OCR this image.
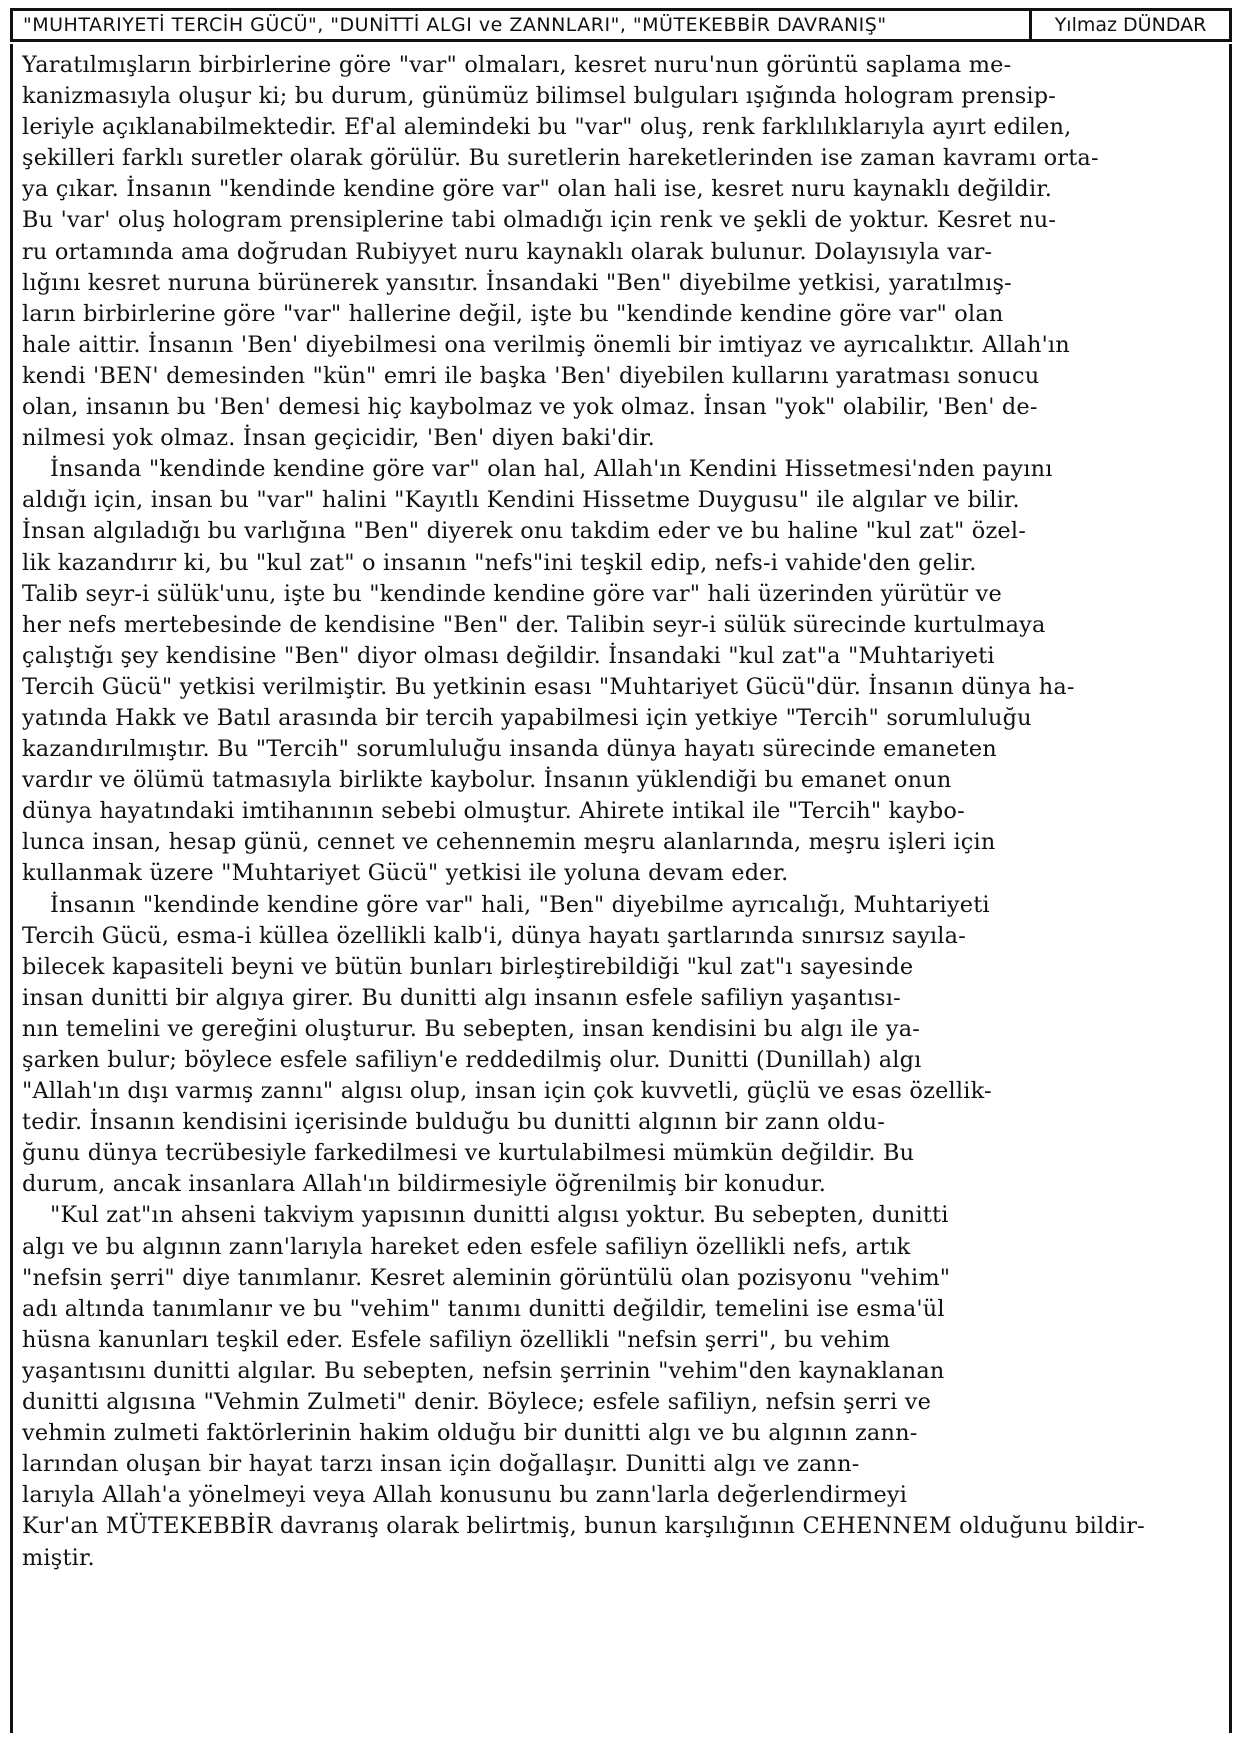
"MUHTARIYETİ TERCİH GÜCÜ", "DUNİTTİ ALGI ve ZANNLARI", "MÜTEKEBBİR DAVRANIŞ"	Yılmaz DÜNDAR
Yaratılmışların birbirlerine göre "var" olmaları, kesret nuru'nun görüntü saplama me-
kanizmasıyla oluşur ki; bu durum, günümüz bilimsel bulguları ışığında hologram prensip-
leriyle açıklanabilmektedir. Ef'al alemindeki bu "var" oluş, renk farklılıklarıyla ayırt edilen,
şekilleri farklı suretler olarak görülür. Bu suretlerin hareketlerinden ise zaman kavramı orta-
ya çıkar. İnsanın "kendinde kendine göre var" olan hali ise, kesret nuru kaynaklı değildir.
Bu 'var' oluş hologram prensiplerine tabi olmadığı için renk ve şekli de yoktur. Kesret nu-
ru ortamında ama doğrudan Rubiyyet nuru kaynaklı olarak bulunur. Dolayısıyla var-
lığını kesret nuruna bürünerek yansıtır. İnsandaki "Ben" diyebilme yetkisi, yaratılmış-
ların birbirlerine göre "var" hallerine değil, işte bu "kendinde kendine göre var" olan
hale aittir. İnsanın 'Ben' diyebilmesi ona verilmiş önemli bir imtiyaz ve ayrıcalıktır. Allah'ın
kendi 'BEN' demesinden "kün" emri ile başka 'Ben' diyebilen kullarını yaratması sonucu
olan, insanın bu 'Ben' demesi hiç kaybolmaz ve yok olmaz. İnsan "yok" olabilir, 'Ben' de-
nilmesi yok olmaz. İnsan geçicidir, 'Ben' diyen baki'dir.
İnsanda "kendinde kendine göre var" olan hal, Allah'ın Kendini Hissetmesi'nden payını
aldığı için, insan bu "var" halini "Kayıtlı Kendini Hissetme Duygusu" ile algılar ve bilir.
İnsan algıladığı bu varlığına "Ben" diyerek onu takdim eder ve bu haline "kul zat" özel-
lik kazandırır ki, bu "kul zat" o insanın "nefs"ini teşkil edip, nefs-i vahide'den gelir.
Talib seyr-i sülük'unu, işte bu "kendinde kendine göre var" hali üzerinden yürütür ve
her nefs mertebesinde de kendisine "Ben" der. Talibin seyr-i sülük sürecinde kurtulmaya
çalıştığı şey kendisine "Ben" diyor olması değildir. İnsandaki "kul zat"a "Muhtariyeti
Tercih Gücü" yetkisi verilmiştir. Bu yetkinin esası "Muhtariyet Gücü"dür. İnsanın dünya ha-
yatında Hakk ve Batıl arasında bir tercih yapabilmesi için yetkiye "Tercih" sorumluluğu
kazandırılmıştır. Bu "Tercih" sorumluluğu insanda dünya hayatı sürecinde emaneten
vardır ve ölümü tatmasıyla birlikte kaybolur. İnsanın yüklendiği bu emanet onun
dünya hayatındaki imtihanının sebebi olmuştur. Ahirete intikal ile "Tercih" kaybo-
lunca insan, hesap günü, cennet ve cehennemin meşru alanlarında, meşru işleri için
kullanmak üzere "Muhtariyet Gücü" yetkisi ile yoluna devam eder.
İnsanın "kendinde kendine göre var" hali, "Ben" diyebilme ayrıcalığı, Muhtariyeti
Tercih Gücü, esma-i küllea özellikli kalb'i, dünya hayatı şartlarında sınırsız sayıla-
bilecek kapasiteli beyni ve bütün bunları birleştirebildiği "kul zat"ı sayesinde
insan dunitti bir algıya girer. Bu dunitti algı insanın esfele safiliyn yaşantısı-
nın temelini ve gereğini oluşturur. Bu sebepten, insan kendisini bu algı ile ya-
şarken bulur; böylece esfele safiliyn'e reddedilmiş olur. Dunitti (Dunillah) algı
"Allah'ın dışı varmış zannı" algısı olup, insan için çok kuvvetli, güçlü ve esas özellik-
tedir. İnsanın kendisini içerisinde bulduğu bu dunitti algının bir zann oldu-
ğunu dünya tecrübesiyle farkedilmesi ve kurtulabilmesi mümkün değildir. Bu
durum, ancak insanlara Allah'ın bildirmesiyle öğrenilmiş bir konudur.
"Kul zat"ın ahseni takviym yapısının dunitti algısı yoktur. Bu sebepten, dunitti
algı ve bu algının zann'larıyla hareket eden esfele safiliyn özellikli nefs, artık
"nefsin şerri" diye tanımlanır. Kesret aleminin görüntülü olan pozisyonu "vehim"
adı altında tanımlanır ve bu "vehim" tanımı dunitti değildir, temelini ise esma'ül
hüsna kanunları teşkil eder. Esfele safiliyn özellikli "nefsin şerri", bu vehim
yaşantısını dunitti algılar. Bu sebepten, nefsin şerrinin "vehim"den kaynaklanan
dunitti algısına "Vehmin Zulmeti" denir. Böylece; esfele safiliyn, nefsin şerri ve
vehmin zulmeti faktörlerinin hakim olduğu bir dunitti algı ve bu algının zann-
larından oluşan bir hayat tarzı insan için doğallaşır. Dunitti algı ve zann-
larıyla Allah'a yönelmeyi veya Allah konusunu bu zann'larla değerlendirmeyi
Kur'an MÜTEKEBBİR davranış olarak belirtmiş, bunun karşılığının CEHENNEM olduğunu bildir-
miştir.
